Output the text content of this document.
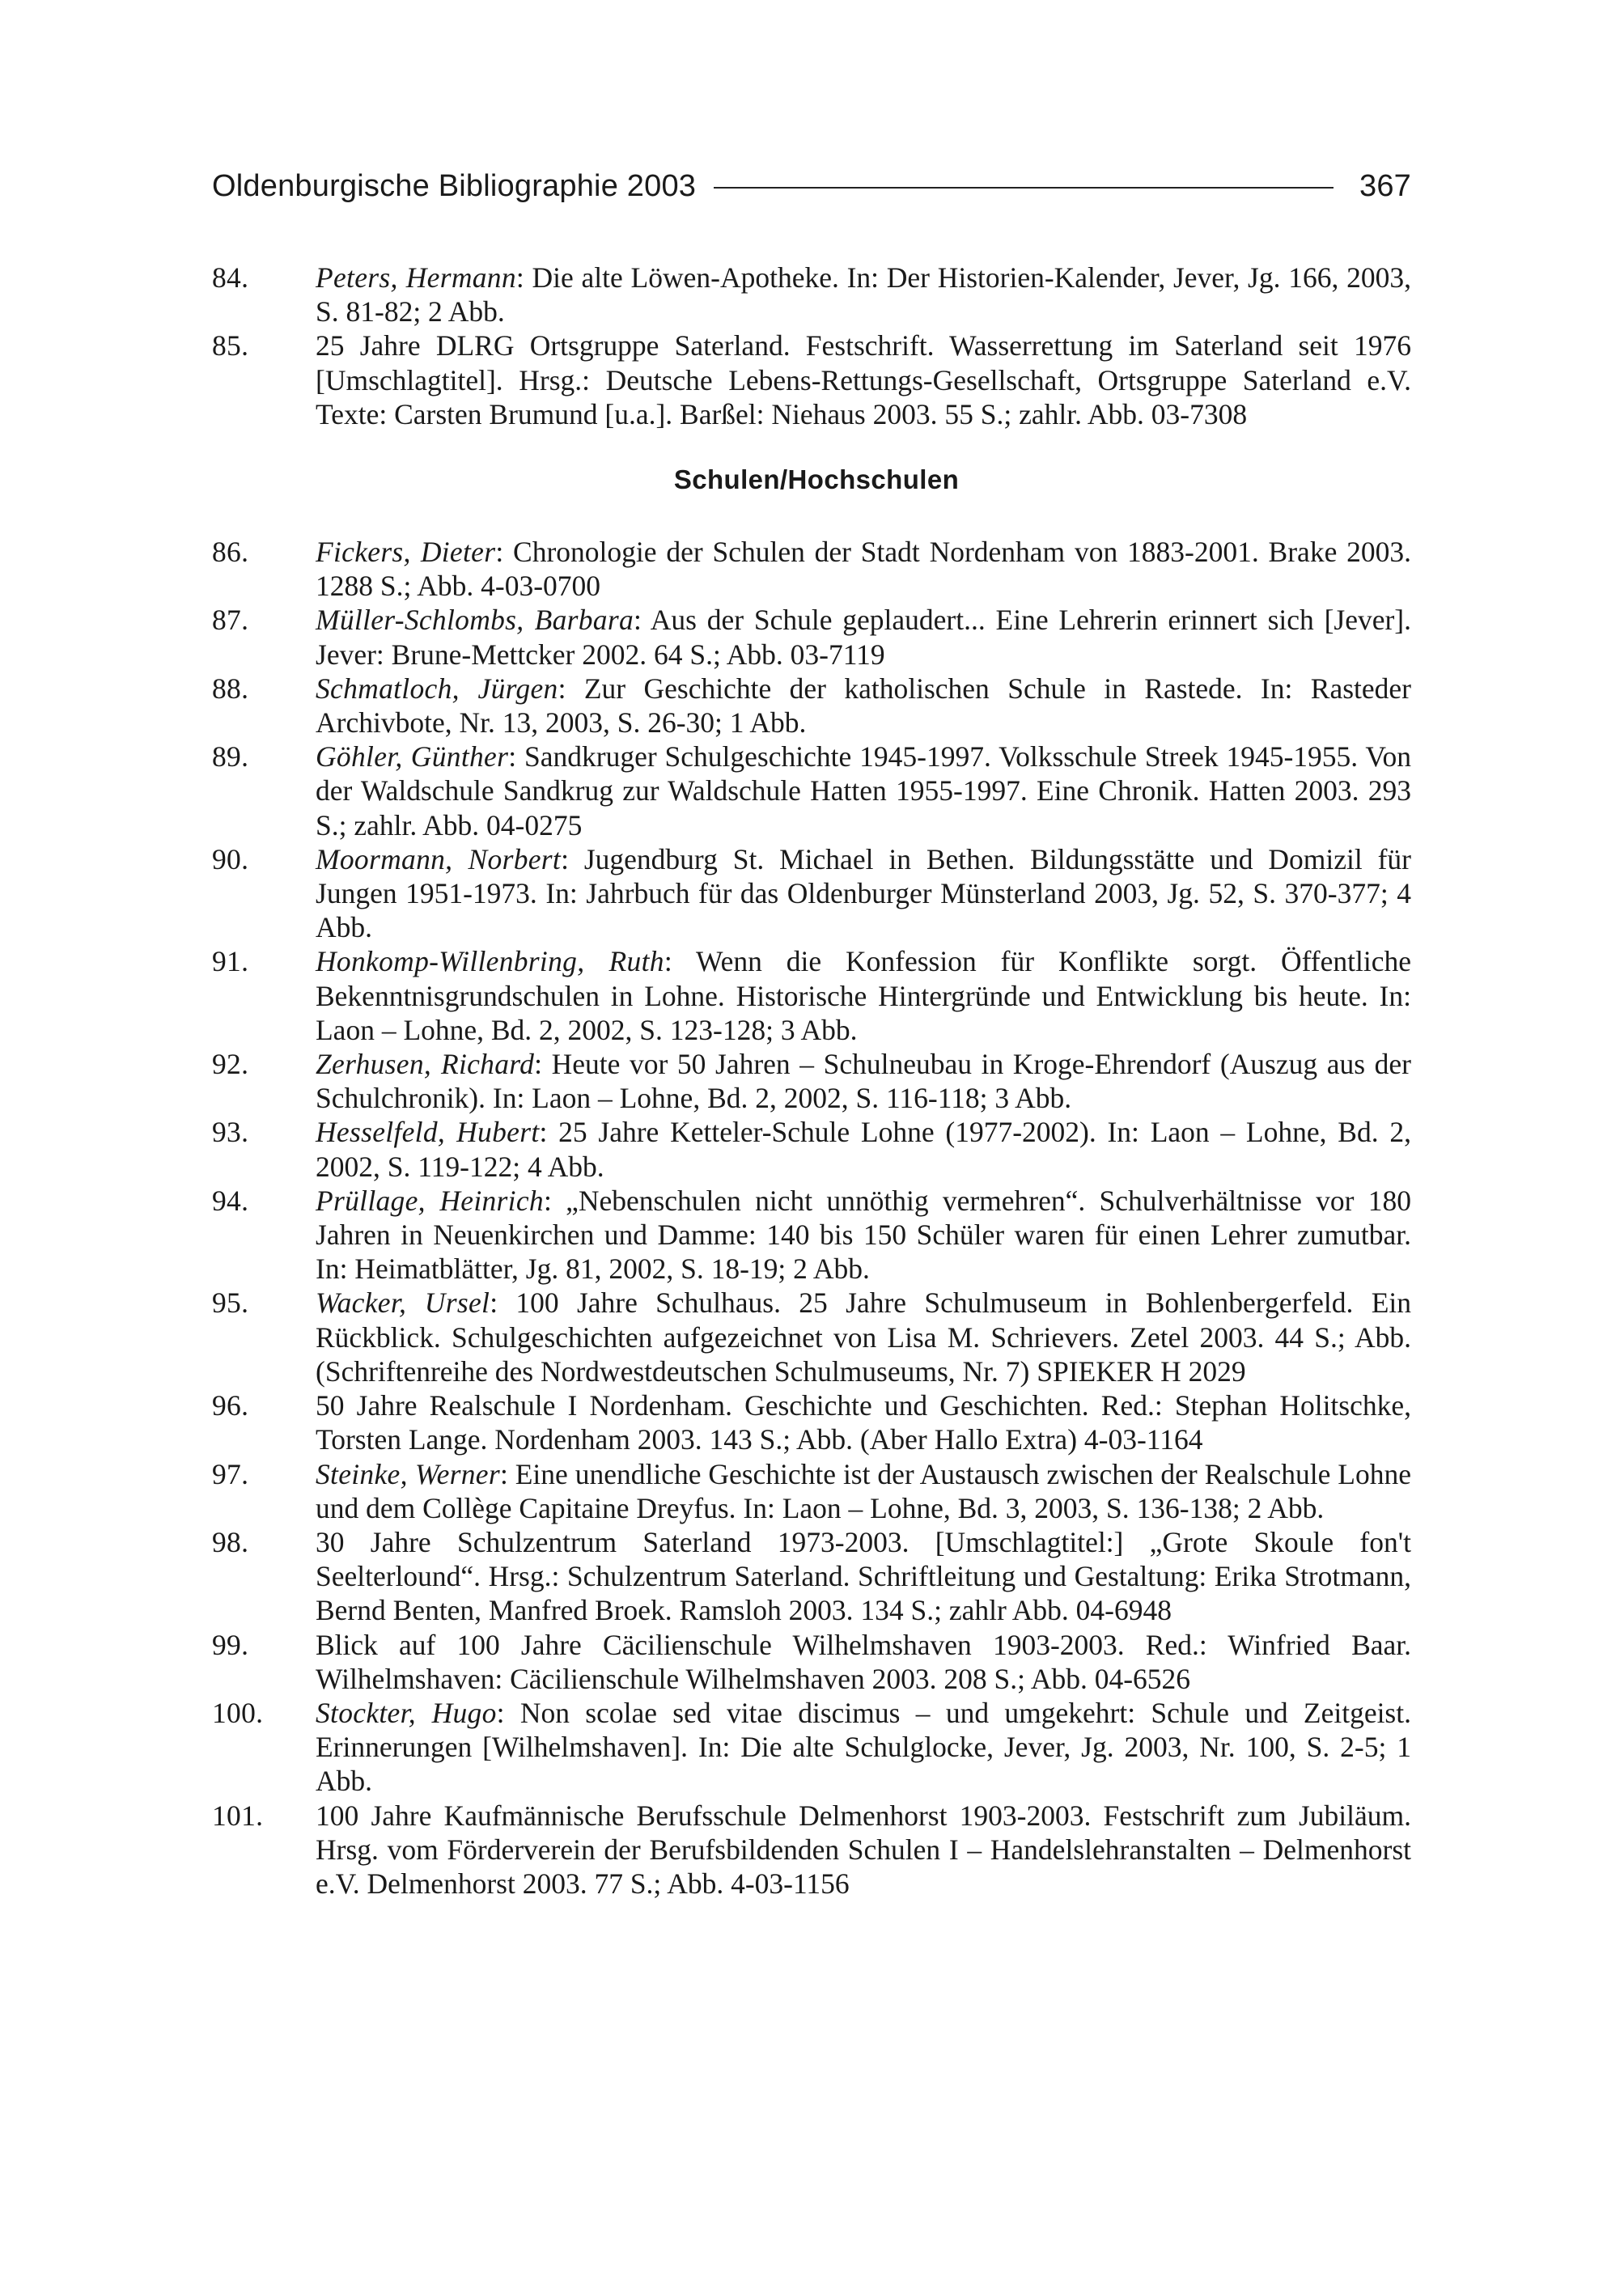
Oldenburgische Bibliographie 2003	367
84.	Peters, Hermann: Die alte Löwen-Apotheke. In: Der Historien-Kalender, Jever, Jg. 166, 2003, S. 81-82; 2 Abb.
85.	25 Jahre DLRG Ortsgruppe Saterland. Festschrift. Wasserrettung im Saterland seit 1976 [Umschlagtitel]. Hrsg.: Deutsche Lebens-Rettungs-Gesellschaft, Ortsgruppe Saterland e.V. Texte: Carsten Brumund [u.a.]. Barßel: Niehaus 2003. 55 S.; zahlr. Abb. 03-7308
Schulen/Hochschulen
86.	Fickers, Dieter: Chronologie der Schulen der Stadt Nordenham von 1883-2001. Brake 2003. 1288 S.; Abb. 4-03-0700
87.	Müller-Schlombs, Barbara: Aus der Schule geplaudert... Eine Lehrerin erinnert sich [Jever]. Jever: Brune-Mettcker 2002. 64 S.; Abb. 03-7119
88.	Schmatloch, Jürgen: Zur Geschichte der katholischen Schule in Rastede. In: Rasteder Archivbote, Nr. 13, 2003, S. 26-30; 1 Abb.
89.	Göhler, Günther: Sandkruger Schulgeschichte 1945-1997. Volksschule Streek 1945-1955. Von der Waldschule Sandkrug zur Waldschule Hatten 1955-1997. Eine Chronik. Hatten 2003. 293 S.; zahlr. Abb. 04-0275
90.	Moormann, Norbert: Jugendburg St. Michael in Bethen. Bildungsstätte und Domizil für Jungen 1951-1973. In: Jahrbuch für das Oldenburger Münsterland 2003, Jg. 52, S. 370-377; 4 Abb.
91.	Honkomp-Willenbring, Ruth: Wenn die Konfession für Konflikte sorgt. Öffentliche Bekenntnisgrundschulen in Lohne. Historische Hintergründe und Entwicklung bis heute. In: Laon – Lohne, Bd. 2, 2002, S. 123-128; 3 Abb.
92.	Zerhusen, Richard: Heute vor 50 Jahren – Schulneubau in Kroge-Ehrendorf (Auszug aus der Schulchronik). In: Laon – Lohne, Bd. 2, 2002, S. 116-118; 3 Abb.
93.	Hesselfeld, Hubert: 25 Jahre Ketteler-Schule Lohne (1977-2002). In: Laon – Lohne, Bd. 2, 2002, S. 119-122; 4 Abb.
94.	Prüllage, Heinrich: „Nebenschulen nicht unnöthig vermehren“. Schulverhältnisse vor 180 Jahren in Neuenkirchen und Damme: 140 bis 150 Schüler waren für einen Lehrer zumutbar. In: Heimatblätter, Jg. 81, 2002, S. 18-19; 2 Abb.
95.	Wacker, Ursel: 100 Jahre Schulhaus. 25 Jahre Schulmuseum in Bohlenbergerfeld. Ein Rückblick. Schulgeschichten aufgezeichnet von Lisa M. Schrievers. Zetel 2003. 44 S.; Abb. (Schriftenreihe des Nordwestdeutschen Schulmuseums, Nr. 7) SPIEKER H 2029
96.	50 Jahre Realschule I Nordenham. Geschichte und Geschichten. Red.: Stephan Holitschke, Torsten Lange. Nordenham 2003. 143 S.; Abb. (Aber Hallo Extra) 4-03-1164
97.	Steinke, Werner: Eine unendliche Geschichte ist der Austausch zwischen der Realschule Lohne und dem Collège Capitaine Dreyfus. In: Laon – Lohne, Bd. 3, 2003, S. 136-138; 2 Abb.
98.	30 Jahre Schulzentrum Saterland 1973-2003. [Umschlagtitel:] „Grote Skoule fon't Seelterlound“. Hrsg.: Schulzentrum Saterland. Schriftleitung und Gestaltung: Erika Strotmann, Bernd Benten, Manfred Broek. Ramsloh 2003. 134 S.; zahlr Abb. 04-6948
99.	Blick auf 100 Jahre Cäcilienschule Wilhelmshaven 1903-2003. Red.: Winfried Baar. Wilhelmshaven: Cäcilienschule Wilhelmshaven 2003. 208 S.; Abb. 04-6526
100.	Stockter, Hugo: Non scolae sed vitae discimus – und umgekehrt: Schule und Zeitgeist. Erinnerungen [Wilhelmshaven]. In: Die alte Schulglocke, Jever, Jg. 2003, Nr. 100, S. 2-5; 1 Abb.
101.	100 Jahre Kaufmännische Berufsschule Delmenhorst 1903-2003. Festschrift zum Jubiläum. Hrsg. vom Förderverein der Berufsbildenden Schulen I – Handelslehranstalten – Delmenhorst e.V. Delmenhorst 2003. 77 S.; Abb. 4-03-1156
